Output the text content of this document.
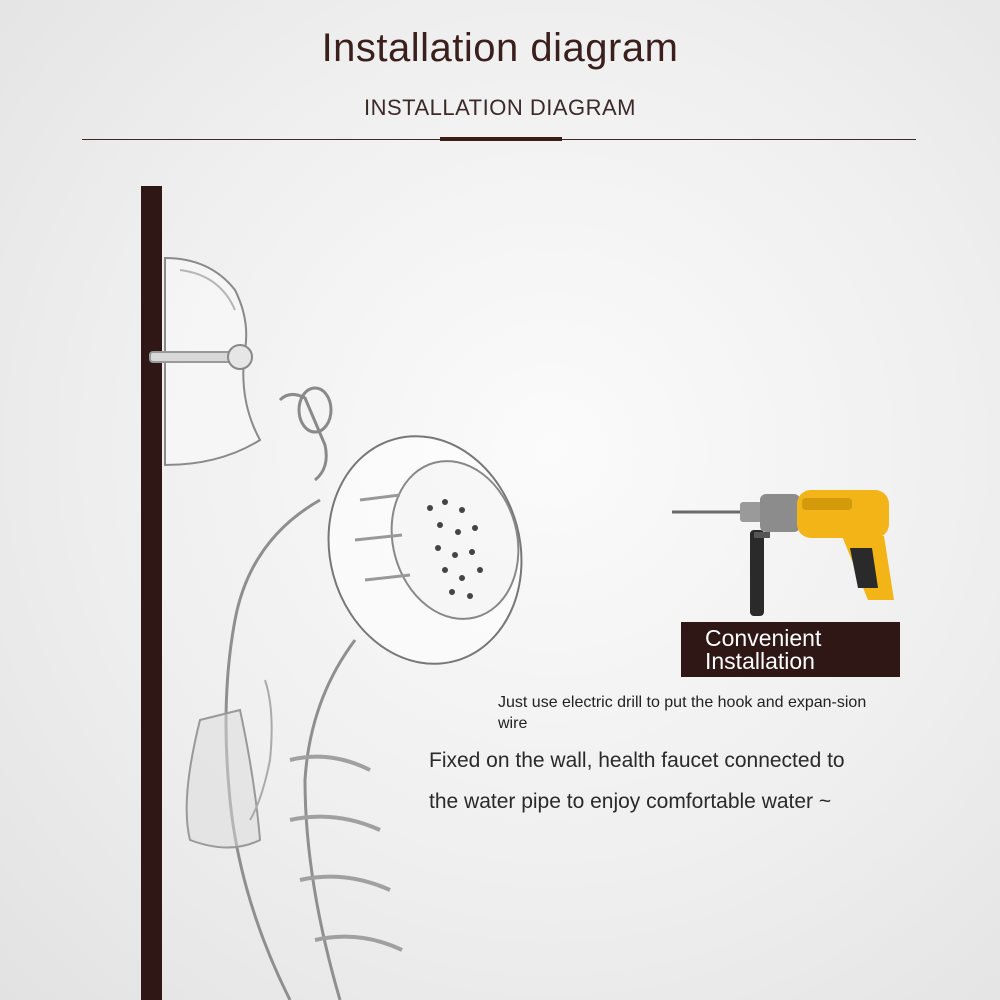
Installation diagram
INSTALLATION DIAGRAM
Convenient
Installation
Just use electric drill to put the hook and expan-sion wire
Fixed on the wall, health faucet connected to
the water pipe to enjoy comfortable water ~
